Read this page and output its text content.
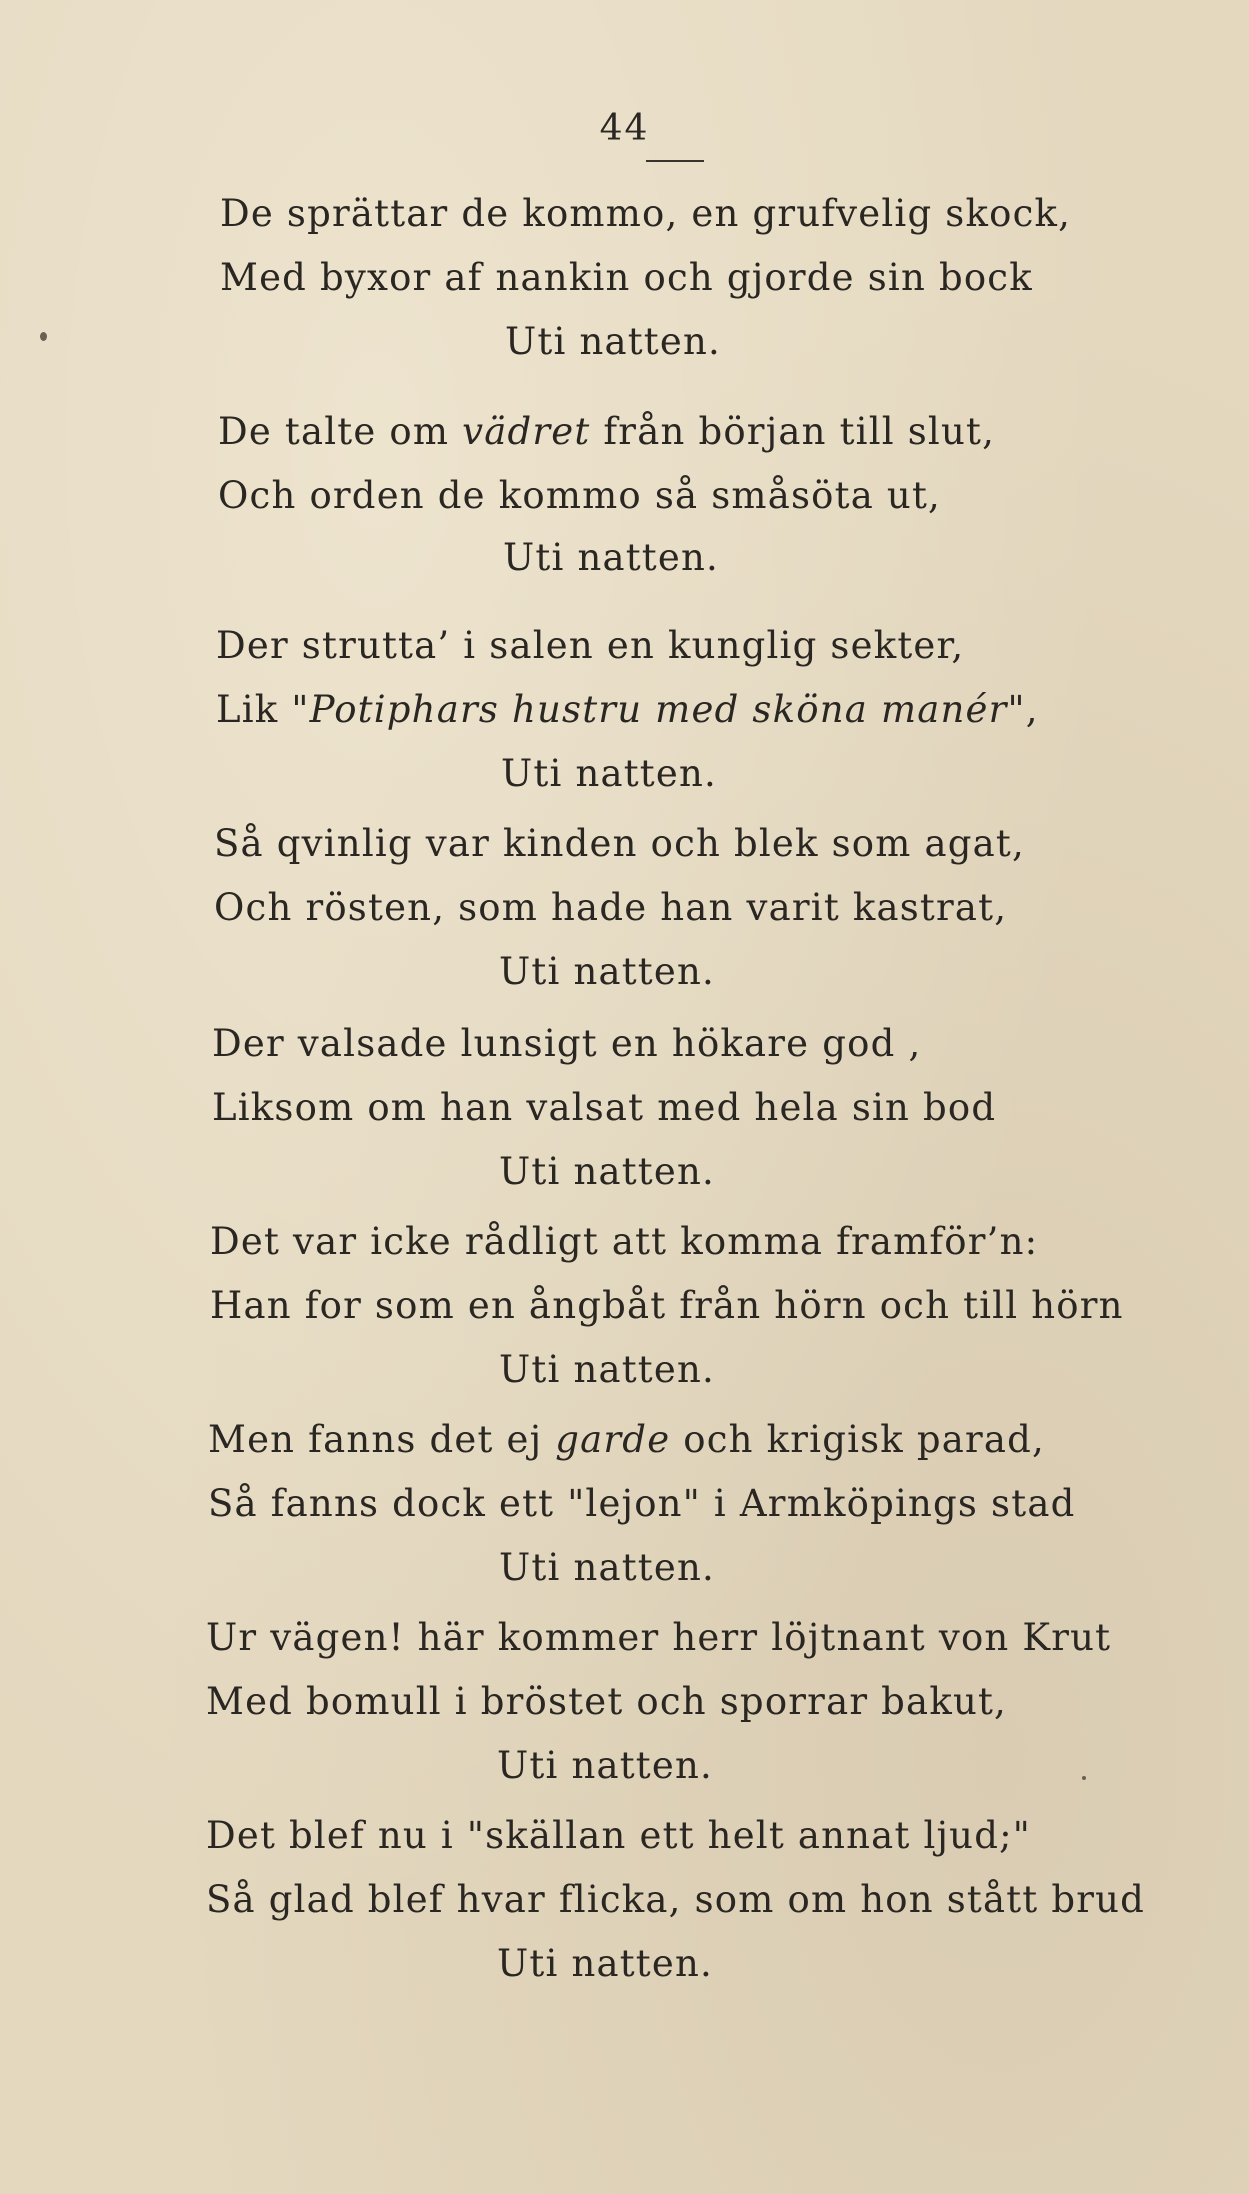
44
De sprättar de kommo, en grufvelig skock,
Med byxor af nankin och gjorde sin bock
Uti natten.
De talte om vädret från början till slut,
Och orden de kommo så småsöta ut,
Uti natten.
Der strutta’ i salen en kunglig sekter,
Lik "Potiphars hustru med sköna manér",
Uti natten.
Så qvinlig var kinden och blek som agat,
Och rösten, som hade han varit kastrat,
Uti natten.
Der valsade lunsigt en hökare god ,
Liksom om han valsat med hela sin bod
Uti natten.
Det var icke rådligt att komma framför’n:
Han for som en ångbåt från hörn och till hörn
Uti natten.
Men fanns det ej garde och krigisk parad,
Så fanns dock ett "lejon" i Armköpings stad
Uti natten.
Ur vägen! här kommer herr löjtnant von Krut
Med bomull i bröstet och sporrar bakut,
Uti natten.
Det blef nu i "skällan ett helt annat ljud;"
Så glad blef hvar flicka, som om hon stått brud
Uti natten.
